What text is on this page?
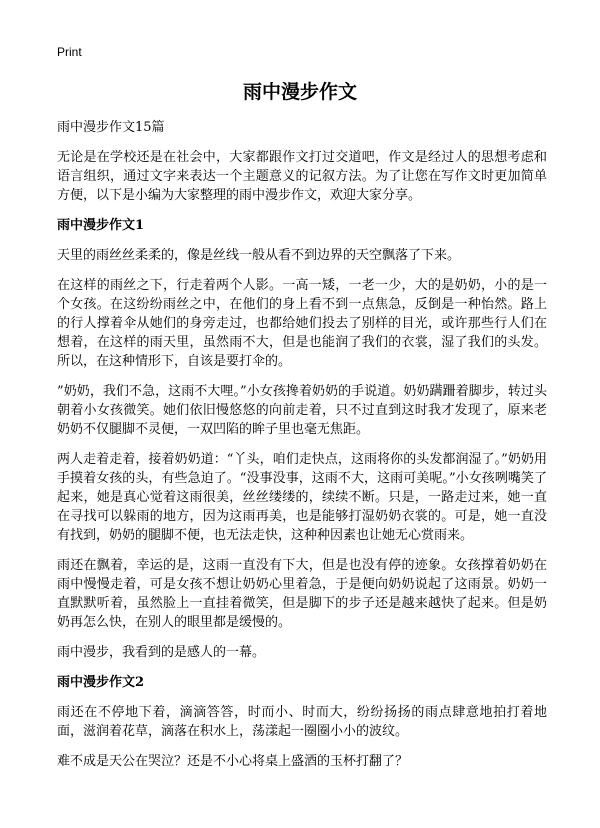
Print
雨中漫步作文

雨中漫步作文15篇

无论是在学校还是在社会中，大家都跟作文打过交道吧，作文是经过人的思想考虑和语言组织，通过文字来表达一个主题意义的记叙方法。为了让您在写作文时更加简单方便，以下是小编为大家整理的雨中漫步作文，欢迎大家分享。

雨中漫步作文1

天里的雨丝丝柔柔的，像是丝线一般从看不到边界的天空飘落了下来。

在这样的雨丝之下，行走着两个人影。一高一矮，一老一少，大的是奶奶，小的是一个女孩。在这纷纷雨丝之中，在他们的身上看不到一点焦急，反倒是一种怡然。路上的行人撑着伞从她们的身旁走过，也都给她们投去了别样的目光，或许那些行人们在想着，在这样的雨天里，虽然雨不大，但是也能润了我们的衣裳，湿了我们的头发。所以，在这种情形下，自该是要打伞的。

”奶奶，我们不急，这雨不大哩。”小女孩搀着奶奶的手说道。奶奶蹒跚着脚步，转过头朝着小女孩微笑。她们依旧慢悠悠的向前走着，只不过直到这时我才发现了，原来老奶奶不仅腿脚不灵便，一双凹陷的眸子里也毫无焦距。

两人走着走着，接着奶奶道：“丫头，咱们走快点，这雨将你的头发都润湿了。”奶奶用手摸着女孩的头，有些急迫了。“没事没事，这雨不大，这雨可美呢。”小女孩咧嘴笑了起来，她是真心觉着这雨很美，丝丝缕缕的，续续不断。只是，一路走过来，她一直在寻找可以躲雨的地方，因为这雨再美，也是能够打湿奶奶衣裳的。可是，她一直没有找到，奶奶的腿脚不便，也无法走快，这种种因素也让她无心赏雨来。

雨还在飘着，幸运的是，这雨一直没有下大，但是也没有停的迹象。女孩撑着奶奶在雨中慢慢走着，可是女孩不想让奶奶心里着急，于是便向奶奶说起了这雨景。奶奶一直默默听着，虽然脸上一直挂着微笑，但是脚下的步子还是越来越快了起来。但是奶奶再怎么快，在别人的眼里都是缓慢的。

雨中漫步，我看到的是感人的一幕。

雨中漫步作文2

雨还在不停地下着，滴滴答答，时而小、时而大，纷纷扬扬的雨点肆意地拍打着地面，滋润着花草，滴落在积水上，荡漾起一圈圈小小的波纹。

难不成是天公在哭泣？还是不小心将桌上盛酒的玉杯打翻了？
